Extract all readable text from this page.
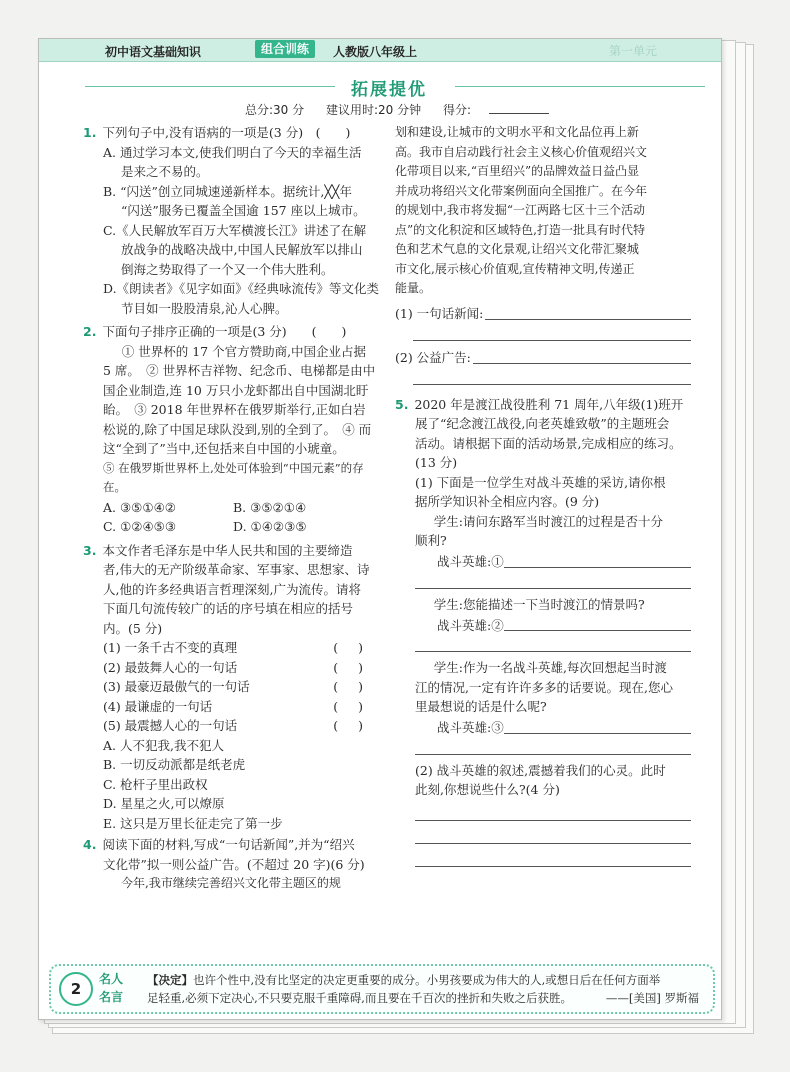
初中语文基础知识	组合训练	人教版八年级上	第一单元
拓展提优
总分:30 分 建议用时:20 分钟 得分:

1. 下列句子中,没有语病的一项是(3 分)　(　　)

A. 通过学习本文,使我们明白了今天的幸福生活

是来之不易的。

B. “闪送”创立同城速递新样本。据统计,╳╳年

“闪送”服务已覆盖全国逾 157 座以上城市。

C.《人民解放军百万大军横渡长江》讲述了在解

放战争的战略决战中,中国人民解放军以排山

倒海之势取得了一个又一个伟大胜利。

D.《朗读者》《见字如面》《经典咏流传》等文化类

节目如一股股清泉,沁人心脾。

2. 下面句子排序正确的一项是(3 分)　　(　　)

① 世界杯的 17 个官方赞助商,中国企业占据

5 席。　② 世界杯吉祥物、纪念币、电梯都是由中

国企业制造,连 10 万只小龙虾都出自中国湖北盱

眙。　③ 2018 年世界杯在俄罗斯举行,正如白岩

松说的,除了中国足球队没到,别的全到了。　④ 而

这“全到了”当中,还包括来自中国的小琥童。

⑤ 在俄罗斯世界杯上,处处可体验到“中国元素”的存在。

A. ③⑤①④②	B. ③⑤②①④
C. ①②④⑤③	D. ①④②③⑤

3. 本文作者毛泽东是中华人民共和国的主要缔造

者,伟大的无产阶级革命家、军事家、思想家、诗

人,他的许多经典语言哲理深刻,广为流传。请将

下面几句流传较广的话的序号填在相应的括号

内。(5 分)

(1) 一条千古不变的真理	()
(2) 最鼓舞人心的一句话	()
(3) 最豪迈最傲气的一句话	()
(4) 最谦虚的一句话	()
(5) 最震撼人心的一句话	()

A. 人不犯我,我不犯人

B. 一切反动派都是纸老虎

C. 枪杆子里出政权

D. 星星之火,可以燎原

E. 这只是万里长征走完了第一步

4. 阅读下面的材料,写成“一句话新闻”,并为“绍兴

文化带”拟一则公益广告。(不超过 20 字)(6 分)

今年,我市继续完善绍兴文化带主题区的规

划和建设,让城市的文明水平和文化品位再上新

高。我市自启动践行社会主义核心价值观绍兴文

化带项目以来,“百里绍兴”的品牌效益日益凸显

并成功将绍兴文化带案例面向全国推广。在今年

的规划中,我市将发掘“一江两路七区十三个活动

点”的文化积淀和区域特色,打造一批具有时代特

色和艺术气息的文化景观,让绍兴文化带汇聚城

市文化,展示核心价值观,宣传精神文明,传递正

能量。

(1) 一句话新闻:
(2) 公益广告:

5. 2020 年是渡江战役胜利 71 周年,八年级(1)班开

展了“纪念渡江战役,向老英雄致敬”的主题班会

活动。请根据下面的活动场景,完成相应的练习。

(13 分)

(1) 下面是一位学生对战斗英雄的采访,请你根

据所学知识补全相应内容。(9 分)

学生:请问东路军当时渡江的过程是否十分

顺利?

战斗英雄:①

学生:您能描述一下当时渡江的情景吗?

战斗英雄:②

学生:作为一名战斗英雄,每次回想起当时渡

江的情况,一定有许许多多的话要说。现在,您心

里最想说的话是什么呢?

战斗英雄:③

(2) 战斗英雄的叙述,震撼着我们的心灵。此时

此刻,你想说些什么?(4 分)

2
名人
名言
【决定】也许个性中,没有比坚定的决定更重要的成分。小男孩要成为伟大的人,或想日后在任何方面举
足轻重,必须下定决心,不只要克服千重障碍,而且要在千百次的挫折和失败之后获胜。	——[美国] 罗斯福
